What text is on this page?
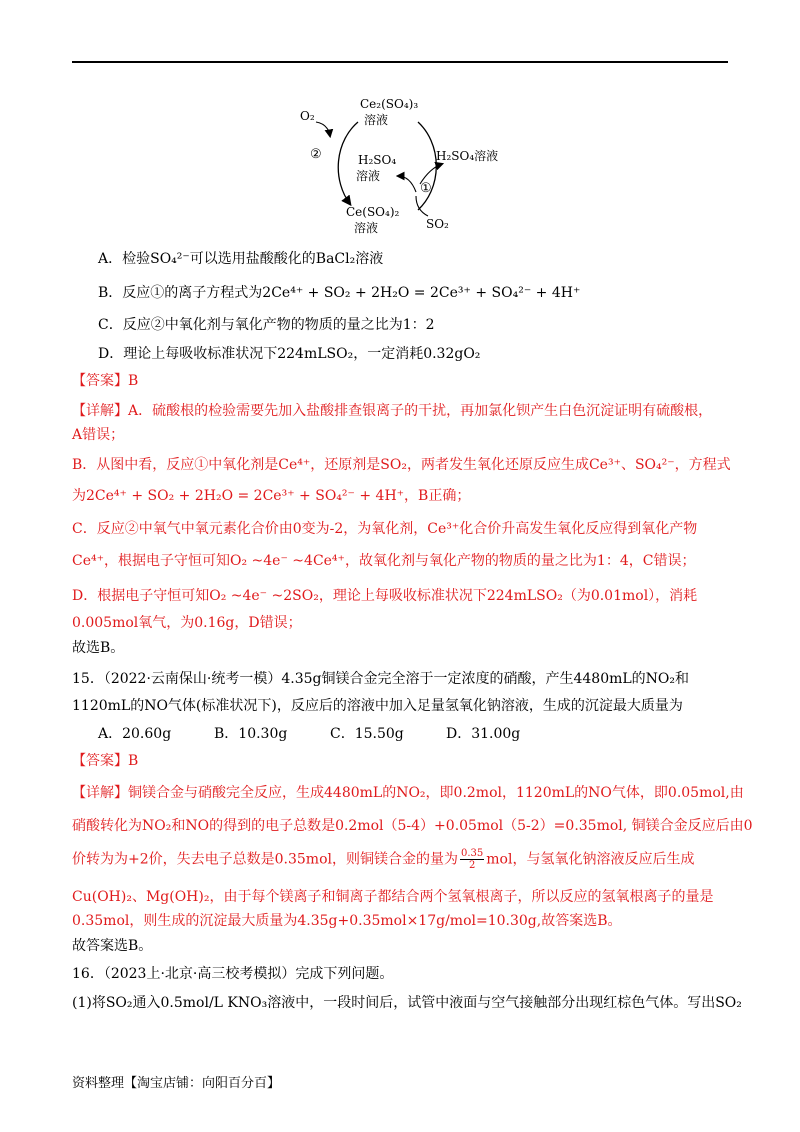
Ce₂(SO₄)₃
溶液
O₂
②	H₂SO₄
溶液
H₂SO₄溶液
①
Ce(SO₄)₂
溶液	SO₂
A．检验SO₄²⁻可以选用盐酸酸化的BaCl₂溶液
B．反应①的离子方程式为2Ce⁴⁺ + SO₂ + 2H₂O = 2Ce³⁺ + SO₄²⁻ + 4H⁺
C．反应②中氧化剂与氧化产物的物质的量之比为1：2
D．理论上每吸收标准状况下224mLSO₂，一定消耗0.32gO₂
【答案】B
【详解】A．硫酸根的检验需要先加入盐酸排查银离子的干扰，再加氯化钡产生白色沉淀证明有硫酸根，
A错误；
B．从图中看，反应①中氧化剂是Ce⁴⁺，还原剂是SO₂，两者发生氧化还原反应生成Ce³⁺、SO₄²⁻，方程式
为2Ce⁴⁺ + SO₂ + 2H₂O = 2Ce³⁺ + SO₄²⁻ + 4H⁺，B正确；
C．反应②中氧气中氧元素化合价由0变为-2，为氧化剂，Ce³⁺化合价升高发生氧化反应得到氧化产物
Ce⁴⁺，根据电子守恒可知O₂ ~4e⁻ ~4Ce⁴⁺，故氧化剂与氧化产物的物质的量之比为1：4，C错误；
D．根据电子守恒可知O₂ ~4e⁻ ~2SO₂，理论上每吸收标准状况下224mLSO₂（为0.01mol），消耗
0.005mol氧气，为0.16g，D错误；
故选B。
15．（2022·云南保山·统考一模）4.35g铜镁合金完全溶于一定浓度的硝酸，产生4480mL的NO₂和
1120mL的NO气体(标准状况下)，反应后的溶液中加入足量氢氧化钠溶液，生成的沉淀最大质量为
A．20.60g	B．10.30g	C．15.50g	D．31.00g
【答案】B
【详解】铜镁合金与硝酸完全反应，生成4480mL的NO₂，即0.2mol，1120mL的NO气体，即0.05mol,由
硝酸转化为NO₂和NO的得到的电子总数是0.2mol（5-4）+0.05mol（5-2）=0.35mol, 铜镁合金反应后由0
价转为为+2价，失去电子总数是0.35mol，则铜镁合金的量为 $\frac{0.35}{2}$ mol，与氢氧化钠溶液反应后生成
Cu(OH)₂、Mg(OH)₂，由于每个镁离子和铜离子都结合两个氢氧根离子，所以反应的氢氧根离子的量是
0.35mol，则生成的沉淀最大质量为4.35g+0.35mol×17g/mol=10.30g,故答案选B。
故答案选B。
16．（2023上·北京·高三校考模拟）完成下列问题。
(1)将SO₂通入0.5mol/L KNO₃溶液中，一段时间后，试管中液面与空气接触部分出现红棕色气体。写出SO₂
资料整理【淘宝店铺：向阳百分百】
